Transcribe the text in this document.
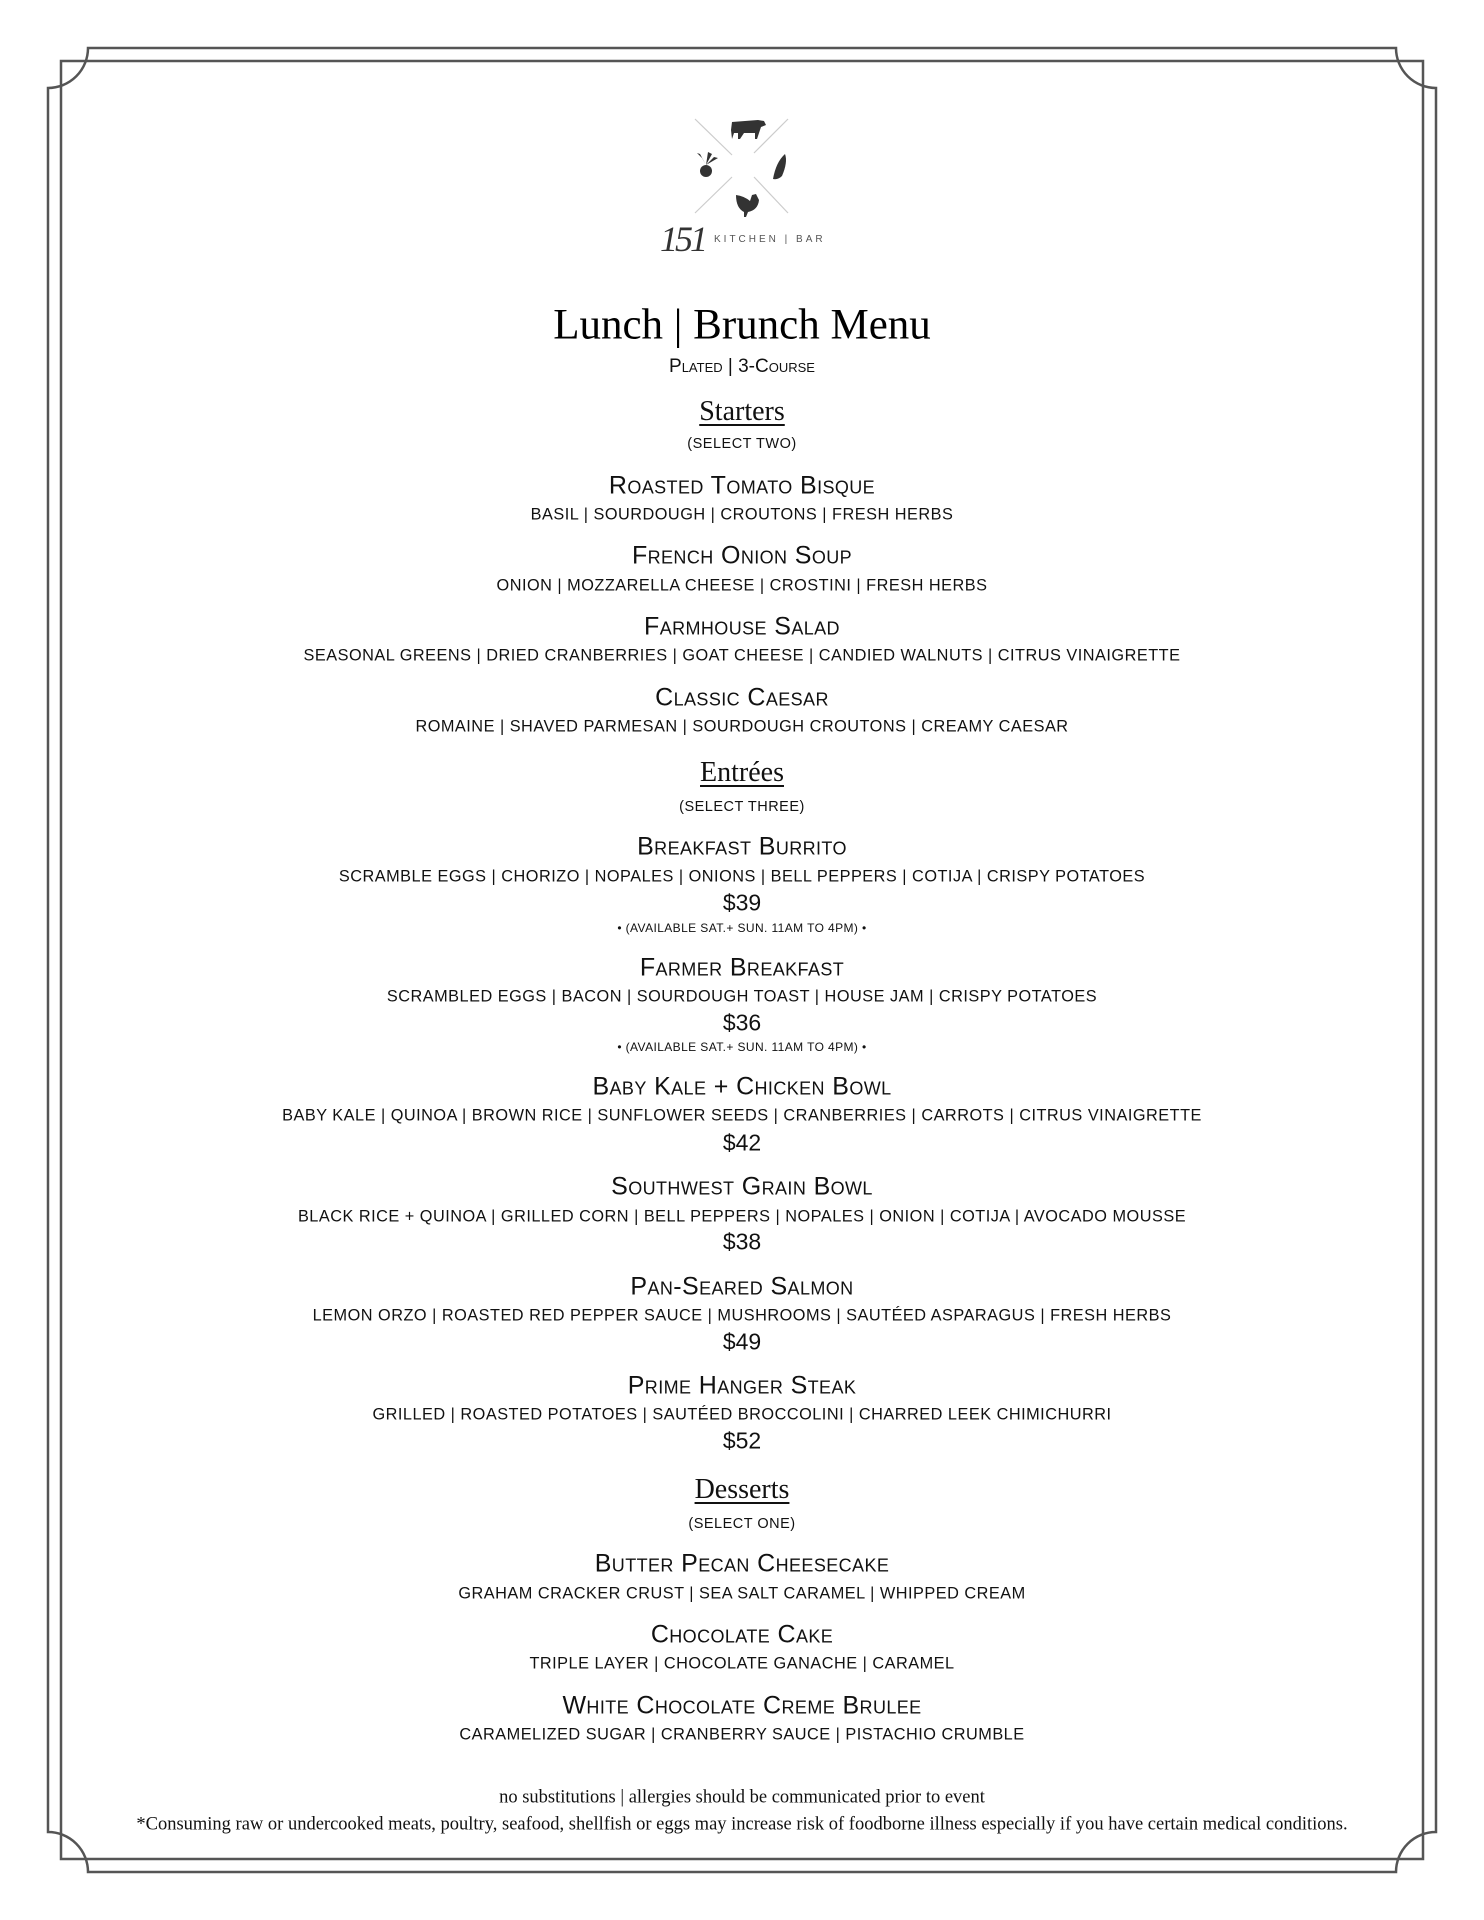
151 KITCHEN | BAR
Lunch | Brunch Menu
Plated | 3-Course
Starters
(SELECT TWO)
Roasted Tomato Bisque
BASIL | SOURDOUGH | CROUTONS | FRESH HERBS
French Onion Soup
ONION | MOZZARELLA CHEESE | CROSTINI | FRESH HERBS
Farmhouse Salad
SEASONAL GREENS | DRIED CRANBERRIES | GOAT CHEESE | CANDIED WALNUTS | CITRUS VINAIGRETTE
Classic Caesar
ROMAINE | SHAVED PARMESAN | SOURDOUGH CROUTONS | CREAMY CAESAR
Entrées
(SELECT THREE)
Breakfast Burrito
SCRAMBLE EGGS | CHORIZO | NOPALES | ONIONS | BELL PEPPERS | COTIJA | CRISPY POTATOES
$39
• (AVAILABLE SAT.+ SUN. 11AM TO 4PM) •
Farmer Breakfast
SCRAMBLED EGGS | BACON | SOURDOUGH TOAST | HOUSE JAM | CRISPY POTATOES
$36
• (AVAILABLE SAT.+ SUN. 11AM TO 4PM) •
Baby Kale + Chicken Bowl
BABY KALE | QUINOA | BROWN RICE | SUNFLOWER SEEDS | CRANBERRIES | CARROTS | CITRUS VINAIGRETTE
$42
Southwest Grain Bowl
BLACK RICE + QUINOA | GRILLED CORN | BELL PEPPERS | NOPALES | ONION | COTIJA | AVOCADO MOUSSE
$38
Pan-Seared Salmon
LEMON ORZO | ROASTED RED PEPPER SAUCE | MUSHROOMS | SAUTÉED ASPARAGUS | FRESH HERBS
$49
Prime Hanger Steak
GRILLED | ROASTED POTATOES | SAUTÉED BROCCOLINI | CHARRED LEEK CHIMICHURRI
$52
Desserts
(SELECT ONE)
Butter Pecan Cheesecake
GRAHAM CRACKER CRUST | SEA SALT CARAMEL | WHIPPED CREAM
Chocolate Cake
TRIPLE LAYER | CHOCOLATE GANACHE | CARAMEL
White Chocolate Creme Brulee
CARAMELIZED SUGAR | CRANBERRY SAUCE | PISTACHIO CRUMBLE
no substitutions | allergies should be communicated prior to event
*Consuming raw or undercooked meats, poultry, seafood, shellfish or eggs may increase risk of foodborne illness especially if you have certain medical conditions.
